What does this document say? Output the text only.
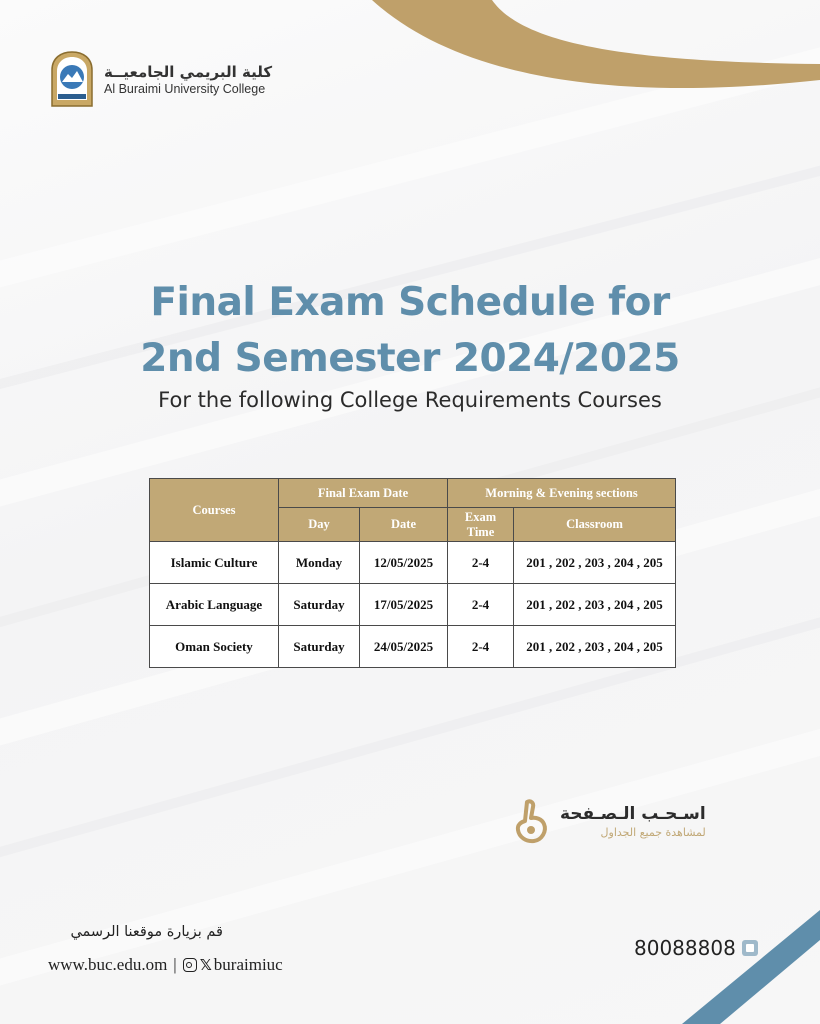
كلية البريمي الجامعيــة
Al Buraimi University College
Final Exam Schedule for
2nd Semester 2024/2025
For the following College Requirements Courses
Courses	Final Exam Date		Morning & Evening sections	
	Day	Date	Exam Time	Classroom
Islamic Culture	Monday	12/05/2025	2-4	201 , 202 , 203 , 204 , 205
Arabic Language	Saturday	17/05/2025	2-4	201 , 202 , 203 , 204 , 205
Oman Society	Saturday	24/05/2025	2-4	201 , 202 , 203 , 204 , 205
اسـحـب الـصـفحة
لمشاهدة جميع الجداول
قم بزيارة موقعنا الرسمي
www.buc.edu.om | 𝕏 buraimiuc
80088808
